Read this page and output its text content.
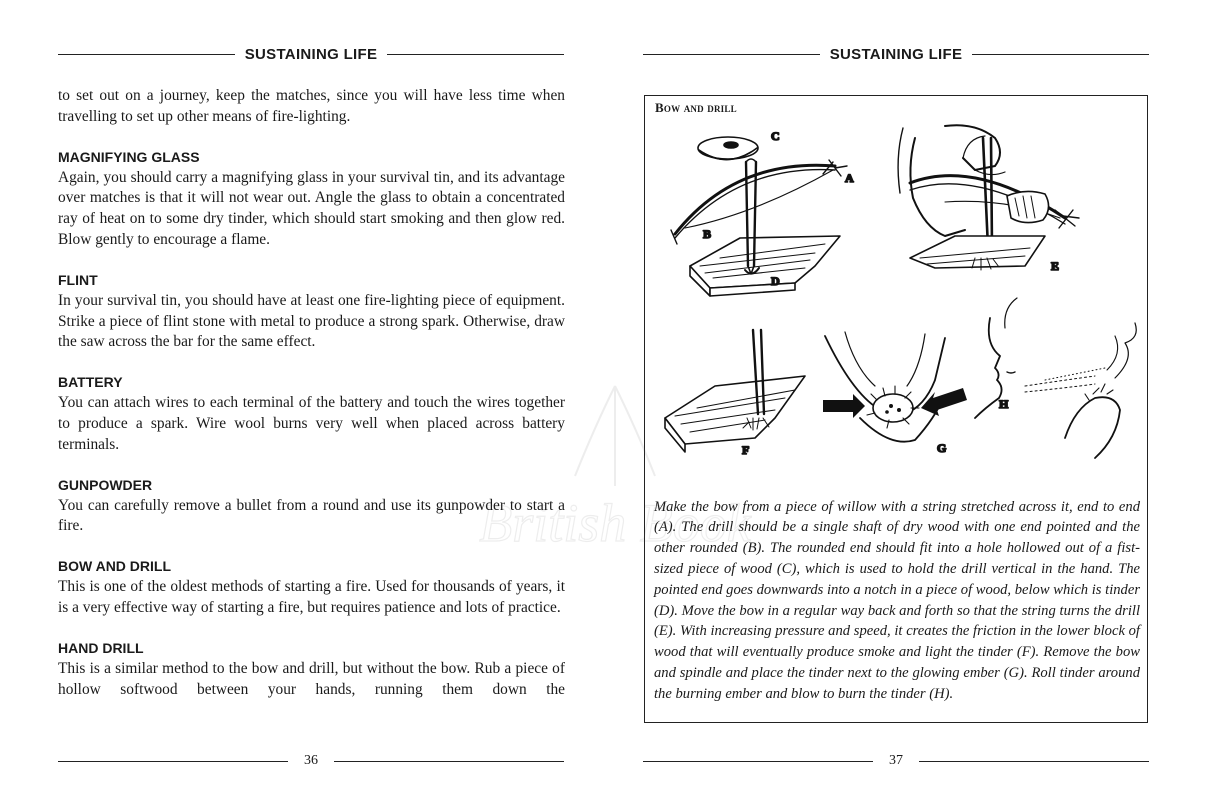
SUSTAINING LIFE

to set out on a journey, keep the matches, since you will have less time when travelling to set up other means of fire-lighting.

MAGNIFYING GLASS

Again, you should carry a magnifying glass in your survival tin, and its advantage over matches is that it will not wear out. Angle the glass to obtain a concentrated ray of heat on to some dry tinder, which should start smoking and then glow red. Blow gently to encourage a flame.

FLINT

In your survival tin, you should have at least one fire-lighting piece of equipment. Strike a piece of flint stone with metal to produce a strong spark. Otherwise, draw the saw across the bar for the same effect.

BATTERY

You can attach wires to each terminal of the battery and touch the wires together to produce a spark. Wire wool burns very well when placed across battery terminals.

GUNPOWDER

You can carefully remove a bullet from a round and use its gunpowder to start a fire.

BOW AND DRILL

This is one of the oldest methods of starting a fire. Used for thousands of years, it is a very effective way of starting a fire, but requires patience and lots of practice.

HAND DRILL

This is a similar method to the bow and drill, but without the bow. Rub a piece of hollow softwood between your hands, running them down the

36
SUSTAINING LIFE
Bow and drill
C
A
B
D
E
F	G
H

Make the bow from a piece of willow with a string stretched across it, end to end (A). The drill should be a single shaft of dry wood with one end pointed and the other rounded (B). The rounded end should fit into a hole hollowed out of a fist-sized piece of wood (C), which is used to hold the drill vertical in the hand. The pointed end goes downwards into a notch in a piece of wood, below which is tinder (D). Move the bow in a regular way back and forth so that the string turns the drill (E). With increasing pressure and speed, it creates the friction in the lower block of wood that will eventually produce smoke and light the tinder (F). Remove the bow and spindle and place the tinder next to the glowing ember (G). Roll tinder around the burning ember and blow to burn the tinder (H).

British Book
37
